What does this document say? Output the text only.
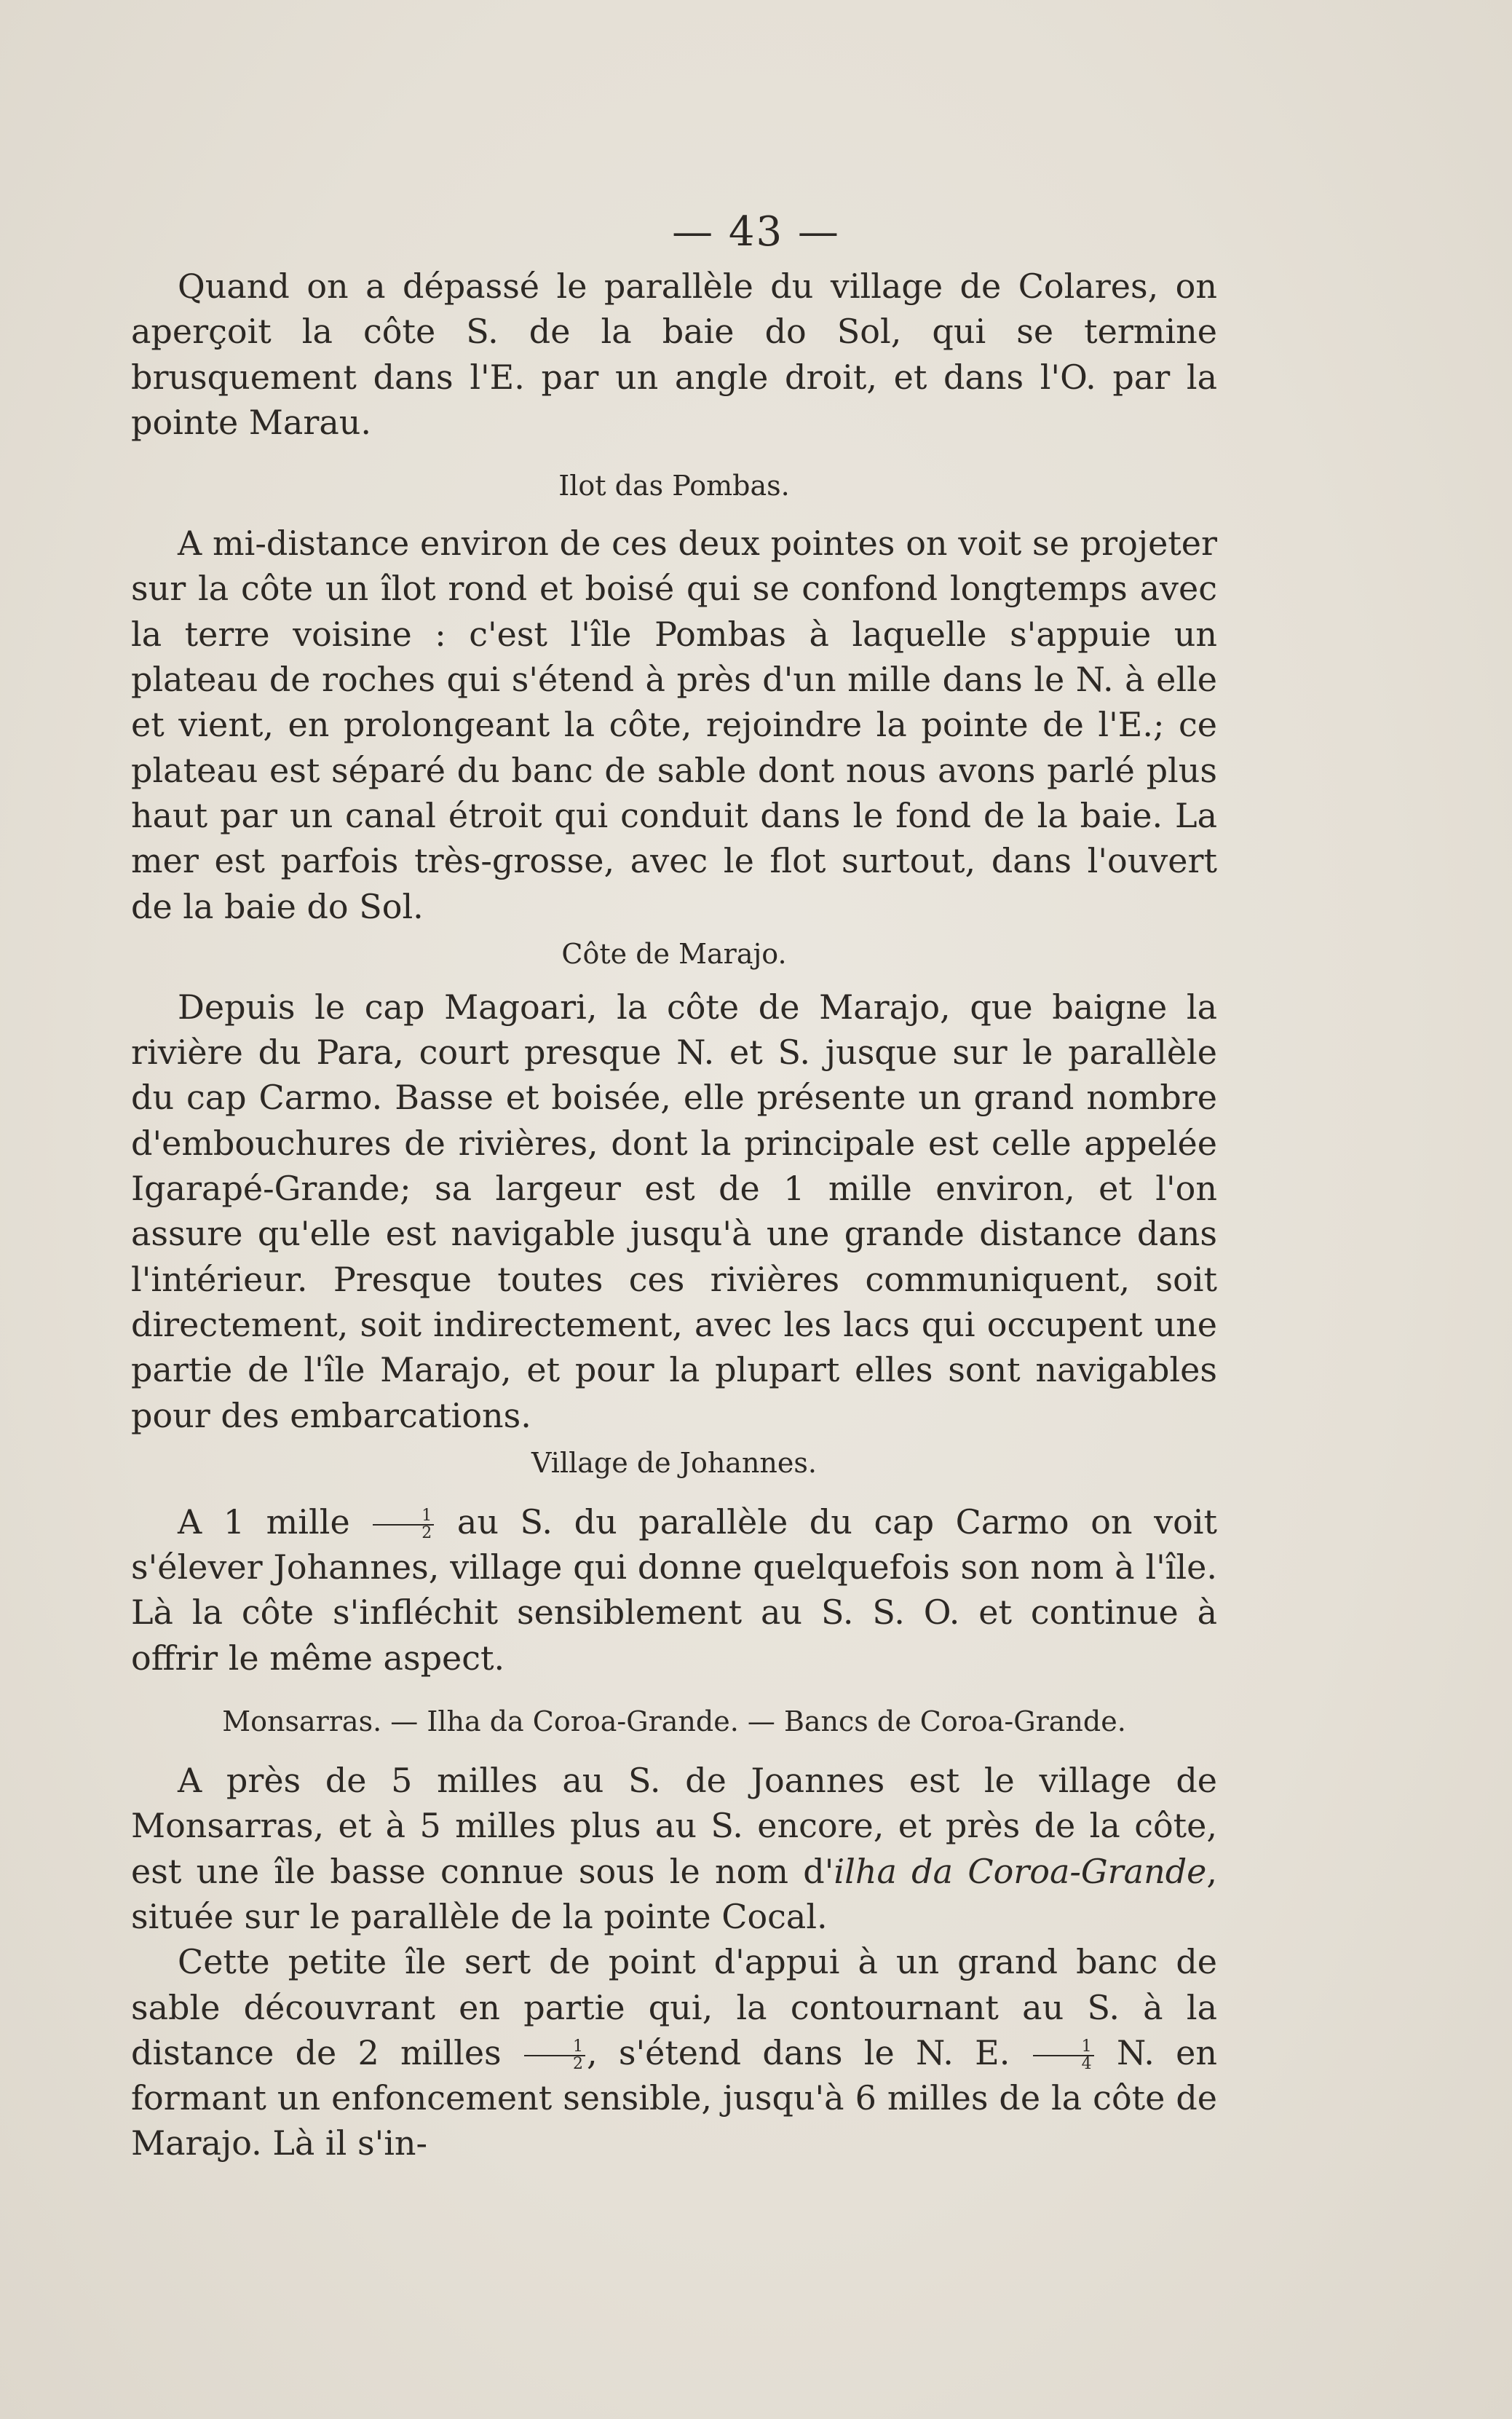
— 43 —

Quand on a dépassé le parallèle du village de Colares, on aperçoit la côte S. de la baie do Sol, qui se termine brusquement dans l'E. par un angle droit, et dans l'O. par la pointe Marau.

Ilot das Pombas.

A mi-distance environ de ces deux pointes on voit se projeter sur la côte un îlot rond et boisé qui se confond longtemps avec la terre voisine : c'est l'île Pombas à laquelle s'appuie un plateau de roches qui s'étend à près d'un mille dans le N. à elle et vient, en prolongeant la côte, rejoindre la pointe de l'E.; ce plateau est séparé du banc de sable dont nous avons parlé plus haut par un canal étroit qui conduit dans le fond de la baie. La mer est parfois très-grosse, avec le flot surtout, dans l'ouvert de la baie do Sol.

Côte de Marajo.

Depuis le cap Magoari, la côte de Marajo, que baigne la rivière du Para, court presque N. et S. jusque sur le parallèle du cap Carmo. Basse et boisée, elle présente un grand nombre d'embouchures de rivières, dont la principale est celle appelée Igarapé-Grande; sa largeur est de 1 mille environ, et l'on assure qu'elle est navigable jusqu'à une grande distance dans l'intérieur. Presque toutes ces rivières communiquent, soit directement, soit indirectement, avec les lacs qui occupent une partie de l'île Marajo, et pour la plupart elles sont navigables pour des embarcations.

Village de Johannes.

A 1 mille $\frac{1}{2}$ au S. du parallèle du cap Carmo on voit s'élever Johannes, village qui donne quelquefois son nom à l'île. Là la côte s'infléchit sensiblement au S. S. O. et continue à offrir le même aspect.

Monsarras. — Ilha da Coroa-Grande. — Bancs de Coroa-Grande.

A près de 5 milles au S. de Joannes est le village de Monsarras, et à 5 milles plus au S. encore, et près de la côte, est une île basse connue sous le nom d'ilha da Coroa-Grande, située sur le parallèle de la pointe Cocal.

Cette petite île sert de point d'appui à un grand banc de sable découvrant en partie qui, la contournant au S. à la distance de 2 milles $\frac{1}{2}$ , s'étend dans le N. E. $\frac{1}{4} N$. en formant un enfoncement sensible, jusqu'à 6 milles de la côte de Marajo. Là il s'in-
